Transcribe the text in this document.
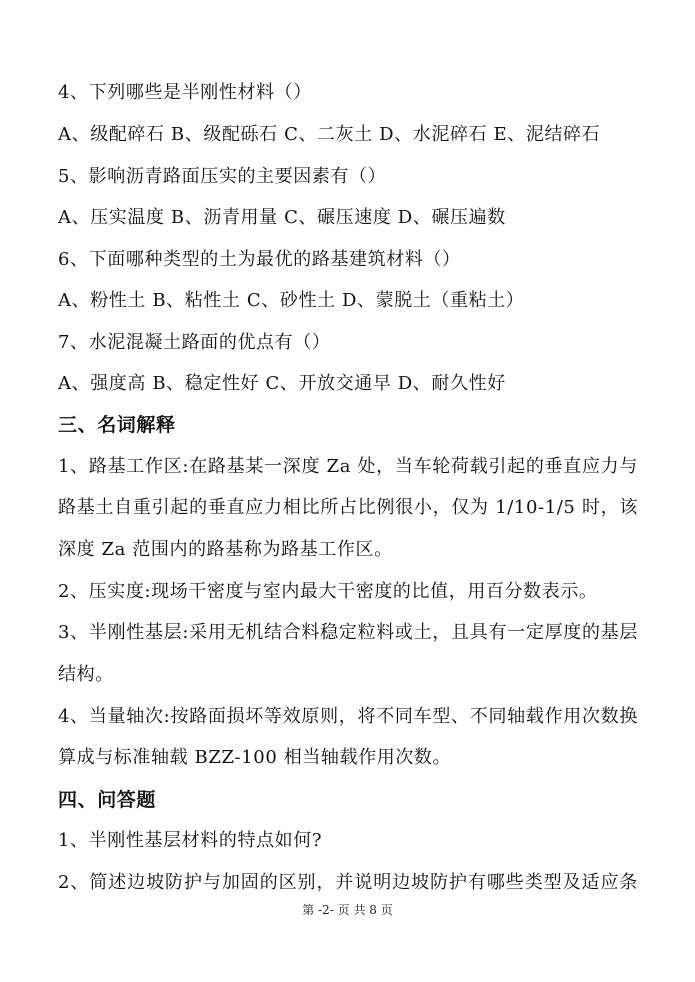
4、下列哪些是半刚性材料（）
A、级配碎石 B、级配砾石 C、二灰土 D、水泥碎石 E、泥结碎石
5、影响沥青路面压实的主要因素有（）
A、压实温度 B、沥青用量 C、碾压速度 D、碾压遍数
6、下面哪种类型的土为最优的路基建筑材料（）
A、粉性土 B、粘性土 C、砂性土 D、蒙脱土（重粘土）
7、水泥混凝土路面的优点有（）
A、强度高 B、稳定性好 C、开放交通早 D、耐久性好
三、名词解释
1、路基工作区:在路基某一深度 Za 处，当车轮荷载引起的垂直应力与
路基土自重引起的垂直应力相比所占比例很小，仅为 1/10-1/5 时，该
深度 Za 范围内的路基称为路基工作区。
2、压实度:现场干密度与室内最大干密度的比值，用百分数表示。
3、半刚性基层:采用无机结合料稳定粒料或土，且具有一定厚度的基层
结构。
4、当量轴次:按路面损坏等效原则，将不同车型、不同轴载作用次数换
算成与标准轴载 BZZ-100 相当轴载作用次数。
四、问答题
1、半刚性基层材料的特点如何?
2、简述边坡防护与加固的区别，并说明边坡防护有哪些类型及适应条
第 -2- 页 共 8 页
